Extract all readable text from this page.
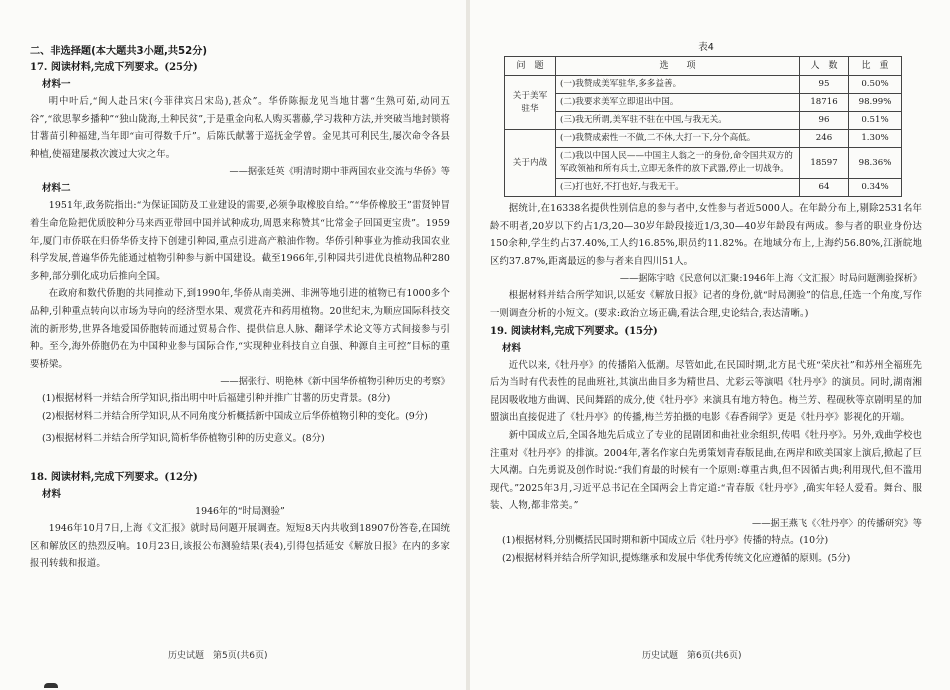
二、非选择题(本大题共3小题,共52分)
17. 阅读材料,完成下列要求。(25分)
材料一

明中叶后,“闽人赴吕宋(今菲律宾吕宋岛),甚众”。华侨陈振龙见当地甘薯“生熟可茹,动同五谷”,“欲思挈乡播种”“独山陇海,土种民贫”,于是重金向私人购买薯藤,学习栽种方法,并突破当地封锁将甘薯苗引种福建,当年即“亩可得数千斤”。后陈氏献薯于巡抚金学曾。金见其可利民生,屡次命令各县种植,使福建屡救次渡过大灾之年。

——据张廷英《明清时期中菲两国农业交流与华侨》等
材料二

1951年,政务院指出:“为保证国防及工业建设的需要,必须争取橡胶自给。”“华侨橡胶王”雷贤钟冒着生命危险把优质胶种分马来西亚带回中国并试种成功,周恩来称赞其“比常金子回国更宝贵”。1959年,厦门市侨联在归侨华侨支持下创建引种园,重点引进高产粮油作物。华侨引种事业为推动我国农业科学发展,普遍华侨先能通过植物引种参与新中国建设。截至1966年,引种园共引进优良植物品种280多种,部分驯化成功后推向全国。

在政府和数代侨胞的共同推动下,到1990年,华侨从南美洲、非洲等地引进的植物已有1000多个品种,引种重点转向以市场为导向的经济型水果、观赏花卉和药用植物。20世纪末,为顺应国际科技交流的新形势,世界各地爱国侨胞转而通过贸易合作、提供信息人脉、翻译学术论文等方式间接参与引种。至今,海外侨胞仍在为中国种业参与国际合作,“实现种业科技自立自强、种源自主可控”目标的重要桥梁。

——据张行、明艳林《新中国华侨植物引种历史的考察》
(1)根据材料一并结合所学知识,指出明中叶后福建引种并推广甘薯的历史背景。(8分)
(2)根据材料二并结合所学知识,从不同角度分析概括新中国成立后华侨植物引种的变化。(9分)
(3)根据材料二并结合所学知识,简析华侨植物引种的历史意义。(8分)
18. 阅读材料,完成下列要求。(12分)
材料
1946年的“时局测验”

1946年10月7日,上海《文汇报》就时局问题开展调查。短短8天内共收到18907份答卷,在国统区和解放区的热烈反响。10月23日,该报公布测验结果(表4),引得包括延安《解放日报》在内的多家报刊转载和报道。

历史试题　第5页(共6页)
表4
问　题	选　　项	人　数	比　重
关于美军驻华	(一)我赞成美军驻华,多多益善。	95	0.50%
	(二)我要求美军立即退出中国。	18716	98.99%
	(三)我无所谓,美军驻不驻在中国,与我无关。	96	0.51%
关于内战	(一)我赞成索性一不做,二不休,大打一下,分个高低。	246	1.30%
	(二)我以中国人民——中国主人翁之一的身份,命令国共双方的军政领袖和所有兵士,立即无条件的放下武器,停止一切战争。	18597	98.36%
	(三)打也好,不打也好,与我无干。	64	0.34%

据统计,在16338名提供性别信息的参与者中,女性参与者近5000人。在年龄分布上,剔除2531名年龄不明者,20岁以下约占1/3,20—30岁年龄段接近1/3,30—40岁年龄段有两成。参与者的职业身份达150余种,学生约占37.40%,工人约16.85%,职员约11.82%。在地域分布上,上海约56.80%,江浙皖地区约37.87%,距离最远的参与者来自四川51人。

——据陈宇晗《民意何以汇聚:1946年上海〈文汇报〉时局问题测验探析》

根据材料并结合所学知识,以延安《解放日报》记者的身份,就“时局测验”的信息,任选一个角度,写作一则调查分析的小短文。(要求:政治立场正确,看法合理,史论结合,表达清晰。)

19. 阅读材料,完成下列要求。(15分)
材料

近代以来,《牡丹亭》的传播陷入低潮。尽管如此,在民国时期,北方昆弋班“荣庆社”和苏州全福班先后为当时有代表性的昆曲班社,其演出曲目多为精世昌、尤彩云等演唱《牡丹亭》的演员。同时,湖南湘昆因吸收地方曲调、民间舞蹈的成分,使《牡丹亭》来演具有地方特色。梅兰芳、程砚秋等京剧明星的加盟演出直接促进了《牡丹亭》的传播,梅兰芳拍摄的电影《春香闹学》更是《牡丹亭》影视化的开端。

新中国成立后,全国各地先后成立了专业的昆剧团和曲社业余组织,传唱《牡丹亭》。另外,戏曲学校也注重对《牡丹亭》的排演。2004年,著名作家白先勇策划青春版昆曲,在两岸和欧美国家上演后,掀起了巨大风潮。白先勇说及创作时说:“我们育最的时候有一个原则:尊重古典,但不因循古典;利用现代,但不滥用现代。”2025年3月,习近平总书记在全国两会上肯定道:“青春版《牡丹亭》,确实年轻人爱看。舞台、服装、人物,都非常美。”

——据王燕飞《〈牡丹亭〉的传播研究》等
(1)根据材料,分别概括民国时期和新中国成立后《牡丹亭》传播的特点。(10分)
(2)根据材料并结合所学知识,提炼继承和发展中华优秀传统文化应遵循的原则。(5分)
历史试题　第6页(共6页)
